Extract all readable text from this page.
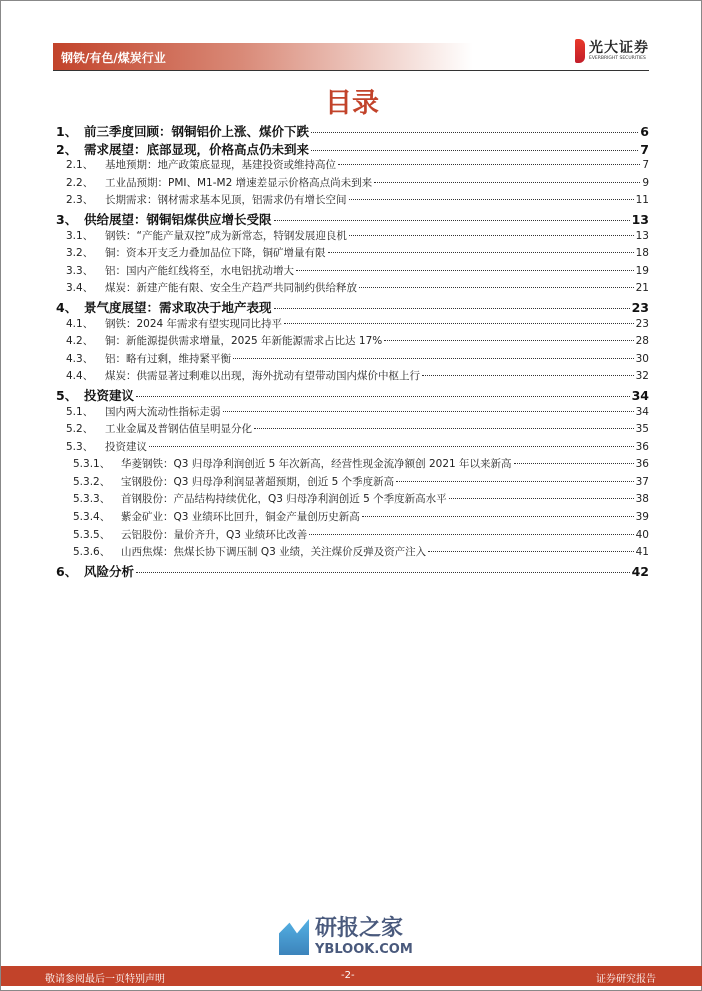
钢铁/有色/煤炭行业
光大证券
EVERBRIGHT SECURITIES
目录
1、 前三季度回顾：钢铜铝价上涨、煤价下跌	6
2、 需求展望：底部显现，价格高点仍未到来	7
2.1、	基地预期：地产政策底显现，基建投资或维持高位	7
2.2、	工业品预期：PMI、M1-M2 增速差显示价格高点尚未到来	9
2.3、	长期需求：钢材需求基本见顶，铝需求仍有增长空间	11
3、 供给展望：钢铜铝煤供应增长受限	13
3.1、	钢铁：“产能产量双控”成为新常态，特钢发展迎良机	13
3.2、	铜：资本开支乏力叠加品位下降，铜矿增量有限	18
3.3、	铝：国内产能红线将至，水电铝扰动增大	19
3.4、	煤炭：新建产能有限、安全生产趋严共同制约供给释放	21
4、 景气度展望：需求取决于地产表现	23
4.1、	钢铁：2024 年需求有望实现同比持平	23
4.2、	铜：新能源提供需求增量，2025 年新能源需求占比达 17%	28
4.3、	铝：略有过剩，维持紧平衡	30
4.4、	煤炭：供需显著过剩难以出现，海外扰动有望带动国内煤价中枢上行	32
5、 投资建议	34
5.1、	国内两大流动性指标走弱	34
5.2、	工业金属及普钢估值呈明显分化	35
5.3、	投资建议	36
5.3.1、	华菱钢铁：Q3 归母净利润创近 5 年次新高，经营性现金流净额创 2021 年以来新高	36
5.3.2、	宝钢股份：Q3 归母净利润显著超预期，创近 5 个季度新高	37
5.3.3、	首钢股份：产品结构持续优化，Q3 归母净利润创近 5 个季度新高水平	38
5.3.4、	紫金矿业：Q3 业绩环比回升，铜金产量创历史新高	39
5.3.5、	云铝股份：量价齐升，Q3 业绩环比改善	40
5.3.6、	山西焦煤：焦煤长协下调压制 Q3 业绩，关注煤价反弹及资产注入	41
6、 风险分析	42
研报之家
YBLOOK.COM
敬请参阅最后一页特别声明	-2-	证券研究报告
